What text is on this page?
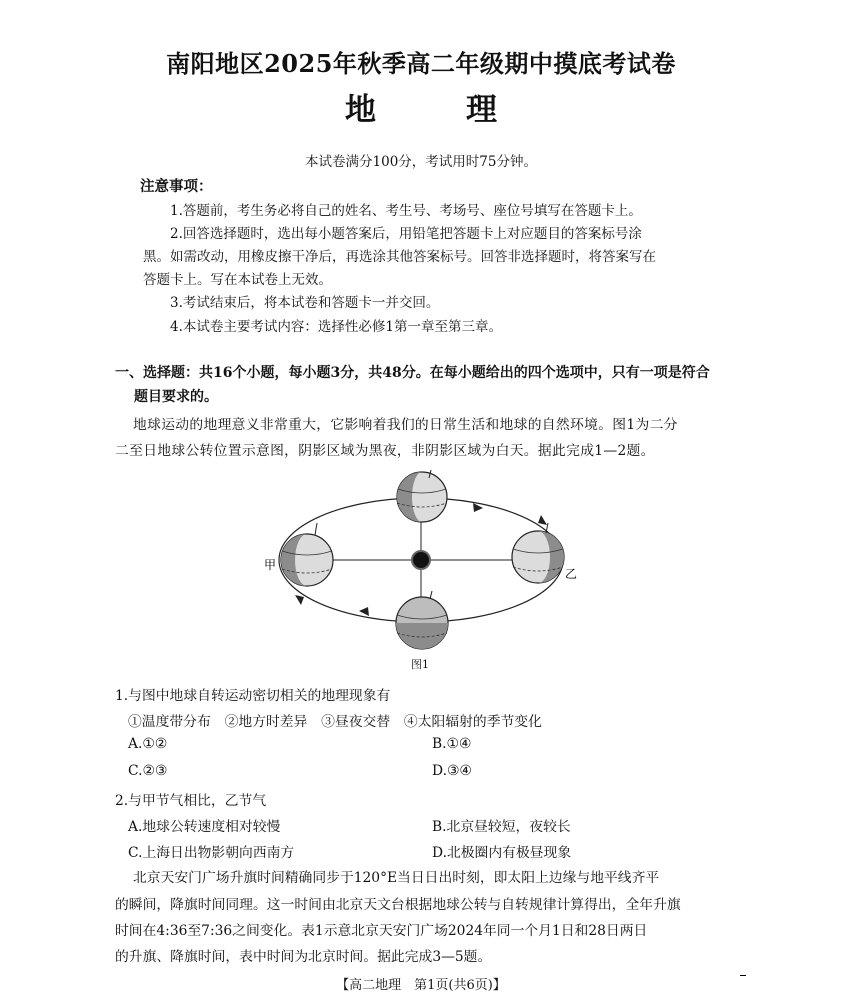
南阳地区2025年秋季高二年级期中摸底考试卷
地理
本试卷满分100分，考试用时75分钟。
注意事项：
1.答题前，考生务必将自己的姓名、考生号、考场号、座位号填写在答题卡上。
2.回答选择题时，选出每小题答案后，用铅笔把答题卡上对应题目的答案标号涂
黑。如需改动，用橡皮擦干净后，再选涂其他答案标号。回答非选择题时，将答案写在
答题卡上。写在本试卷上无效。
3.考试结束后，将本试卷和答题卡一并交回。
4.本试卷主要考试内容：选择性必修1第一章至第三章。
一、选择题：共16个小题，每小题3分，共48分。在每小题给出的四个选项中，只有一项是符合
题目要求的。
地球运动的地理意义非常重大，它影响着我们的日常生活和地球的自然环境。图1为二分
二至日地球公转位置示意图，阴影区域为黑夜，非阴影区域为白天。据此完成1—2题。
甲
乙
图1
1.与图中地球自转运动密切相关的地理现象有
①温度带分布　②地方时差异　③昼夜交替　④太阳辐射的季节变化
A.①②	B.①④
C.②③	D.③④
2.与甲节气相比，乙节气
A.地球公转速度相对较慢	B.北京昼较短，夜较长
C.上海日出物影朝向西南方	D.北极圈内有极昼现象
北京天安门广场升旗时间精确同步于120°E当日日出时刻，即太阳上边缘与地平线齐平
的瞬间，降旗时间同理。这一时间由北京天文台根据地球公转与自转规律计算得出，全年升旗
时间在4:36至7:36之间变化。表1示意北京天安门广场2024年同一个月1日和28日两日
的升旗、降旗时间，表中时间为北京时间。据此完成3—5题。
【高二地理　第1页(共6页)】
